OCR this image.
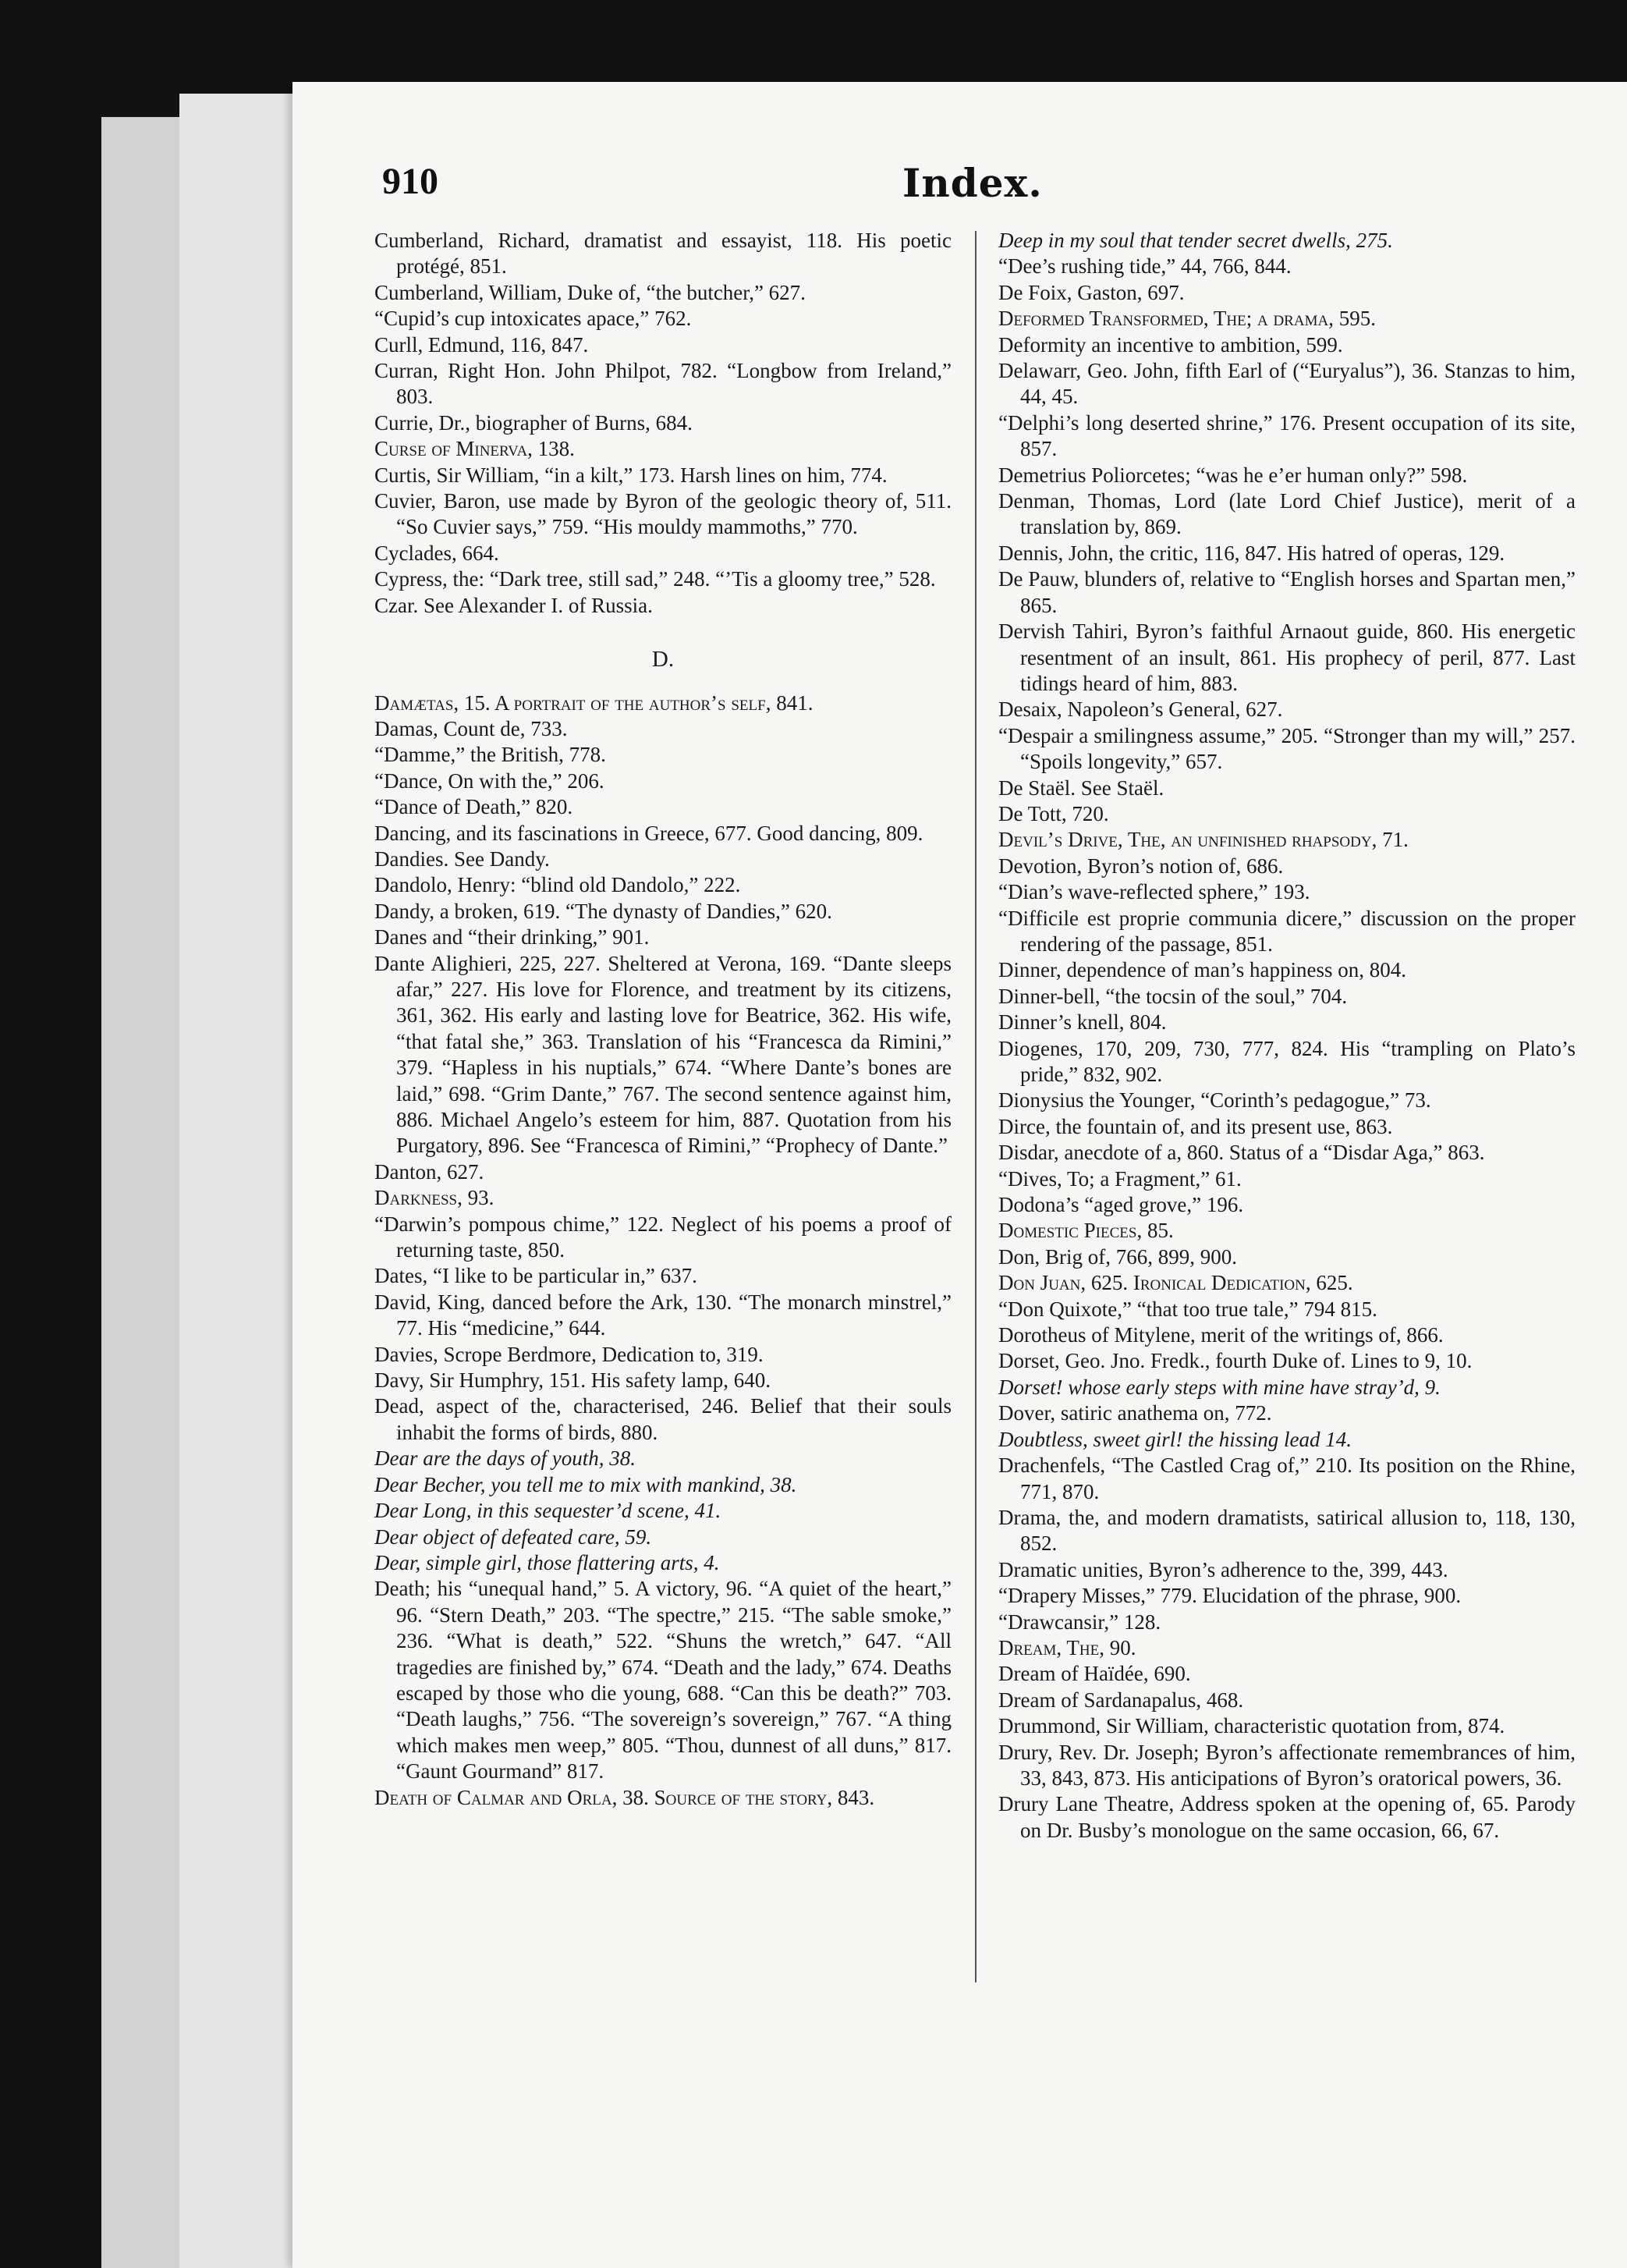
910	Index.
Cumberland, Richard, dramatist and essayist, 118. His poetic protégé, 851.
Cumberland, William, Duke of, “the butcher,” 627.
“Cupid’s cup intoxicates apace,” 762.
Curll, Edmund, 116, 847.
Curran, Right Hon. John Philpot, 782. “Longbow from Ireland,” 803.
Currie, Dr., biographer of Burns, 684.
Curse of Minerva, 138.
Curtis, Sir William, “in a kilt,” 173. Harsh lines on him, 774.
Cuvier, Baron, use made by Byron of the geologic theory of, 511. “So Cuvier says,” 759. “His mouldy mammoths,” 770.
Cyclades, 664.
Cypress, the: “Dark tree, still sad,” 248. “’Tis a gloomy tree,” 528.
Czar. See Alexander I. of Russia.
D.
Damætas, 15. A portrait of the author’s self, 841.
Damas, Count de, 733.
“Damme,” the British, 778.
“Dance, On with the,” 206.
“Dance of Death,” 820.
Dancing, and its fascinations in Greece, 677. Good dancing, 809.
Dandies. See Dandy.
Dandolo, Henry: “blind old Dandolo,” 222.
Dandy, a broken, 619. “The dynasty of Dandies,” 620.
Danes and “their drinking,” 901.
Dante Alighieri, 225, 227. Sheltered at Verona, 169. “Dante sleeps afar,” 227. His love for Florence, and treatment by its citizens, 361, 362. His early and lasting love for Beatrice, 362. His wife, “that fatal she,” 363. Translation of his “Francesca da Rimini,” 379. “Hapless in his nuptials,” 674. “Where Dante’s bones are laid,” 698. “Grim Dante,” 767. The second sentence against him, 886. Michael Angelo’s esteem for him, 887. Quotation from his Purgatory, 896. See “Francesca of Rimini,” “Prophecy of Dante.”
Danton, 627.
Darkness, 93.
“Darwin’s pompous chime,” 122. Neglect of his poems a proof of returning taste, 850.
Dates, “I like to be particular in,” 637.
David, King, danced before the Ark, 130. “The monarch minstrel,” 77. His “medicine,” 644.
Davies, Scrope Berdmore, Dedication to, 319.
Davy, Sir Humphry, 151. His safety lamp, 640.
Dead, aspect of the, characterised, 246. Belief that their souls inhabit the forms of birds, 880.
Dear are the days of youth, 38.
Dear Becher, you tell me to mix with mankind, 38.
Dear Long, in this sequester’d scene, 41.
Dear object of defeated care, 59.
Dear, simple girl, those flattering arts, 4.
Death; his “unequal hand,” 5. A victory, 96. “A quiet of the heart,” 96. “Stern Death,” 203. “The spectre,” 215. “The sable smoke,” 236. “What is death,” 522. “Shuns the wretch,” 647. “All tragedies are finished by,” 674. “Death and the lady,” 674. Deaths escaped by those who die young, 688. “Can this be death?” 703. “Death laughs,” 756. “The sovereign’s sovereign,” 767. “A thing which makes men weep,” 805. “Thou, dunnest of all duns,” 817. “Gaunt Gourmand” 817.
Death of Calmar and Orla, 38. Source of the story, 843.
Deep in my soul that tender secret dwells, 275.
“Dee’s rushing tide,” 44, 766, 844.
De Foix, Gaston, 697.
Deformed Transformed, The; a drama, 595.
Deformity an incentive to ambition, 599.
Delawarr, Geo. John, fifth Earl of (“Euryalus”), 36. Stanzas to him, 44, 45.
“Delphi’s long deserted shrine,” 176. Present occupation of its site, 857.
Demetrius Poliorcetes; “was he e’er human only?” 598.
Denman, Thomas, Lord (late Lord Chief Justice), merit of a translation by, 869.
Dennis, John, the critic, 116, 847. His hatred of operas, 129.
De Pauw, blunders of, relative to “English horses and Spartan men,” 865.
Dervish Tahiri, Byron’s faithful Arnaout guide, 860. His energetic resentment of an insult, 861. His prophecy of peril, 877. Last tidings heard of him, 883.
Desaix, Napoleon’s General, 627.
“Despair a smilingness assume,” 205. “Stronger than my will,” 257. “Spoils longevity,” 657.
De Staël. See Staël.
De Tott, 720.
Devil’s Drive, The, an unfinished rhapsody, 71.
Devotion, Byron’s notion of, 686.
“Dian’s wave-reflected sphere,” 193.
“Difficile est proprie communia dicere,” discussion on the proper rendering of the passage, 851.
Dinner, dependence of man’s happiness on, 804.
Dinner-bell, “the tocsin of the soul,” 704.
Dinner’s knell, 804.
Diogenes, 170, 209, 730, 777, 824. His “trampling on Plato’s pride,” 832, 902.
Dionysius the Younger, “Corinth’s pedagogue,” 73.
Dirce, the fountain of, and its present use, 863.
Disdar, anecdote of a, 860. Status of a “Disdar Aga,” 863.
“Dives, To; a Fragment,” 61.
Dodona’s “aged grove,” 196.
Domestic Pieces, 85.
Don, Brig of, 766, 899, 900.
Don Juan, 625. Ironical Dedication, 625.
“Don Quixote,” “that too true tale,” 794 815.
Dorotheus of Mitylene, merit of the writings of, 866.
Dorset, Geo. Jno. Fredk., fourth Duke of. Lines to 9, 10.
Dorset! whose early steps with mine have stray’d, 9.
Dover, satiric anathema on, 772.
Doubtless, sweet girl! the hissing lead 14.
Drachenfels, “The Castled Crag of,” 210. Its position on the Rhine, 771, 870.
Drama, the, and modern dramatists, satirical allusion to, 118, 130, 852.
Dramatic unities, Byron’s adherence to the, 399, 443.
“Drapery Misses,” 779. Elucidation of the phrase, 900.
“Drawcansir,” 128.
Dream, The, 90.
Dream of Haïdée, 690.
Dream of Sardanapalus, 468.
Drummond, Sir William, characteristic quotation from, 874.
Drury, Rev. Dr. Joseph; Byron’s affectionate remembrances of him, 33, 843, 873. His anticipations of Byron’s oratorical powers, 36.
Drury Lane Theatre, Address spoken at the opening of, 65. Parody on Dr. Busby’s monologue on the same occasion, 66, 67.
